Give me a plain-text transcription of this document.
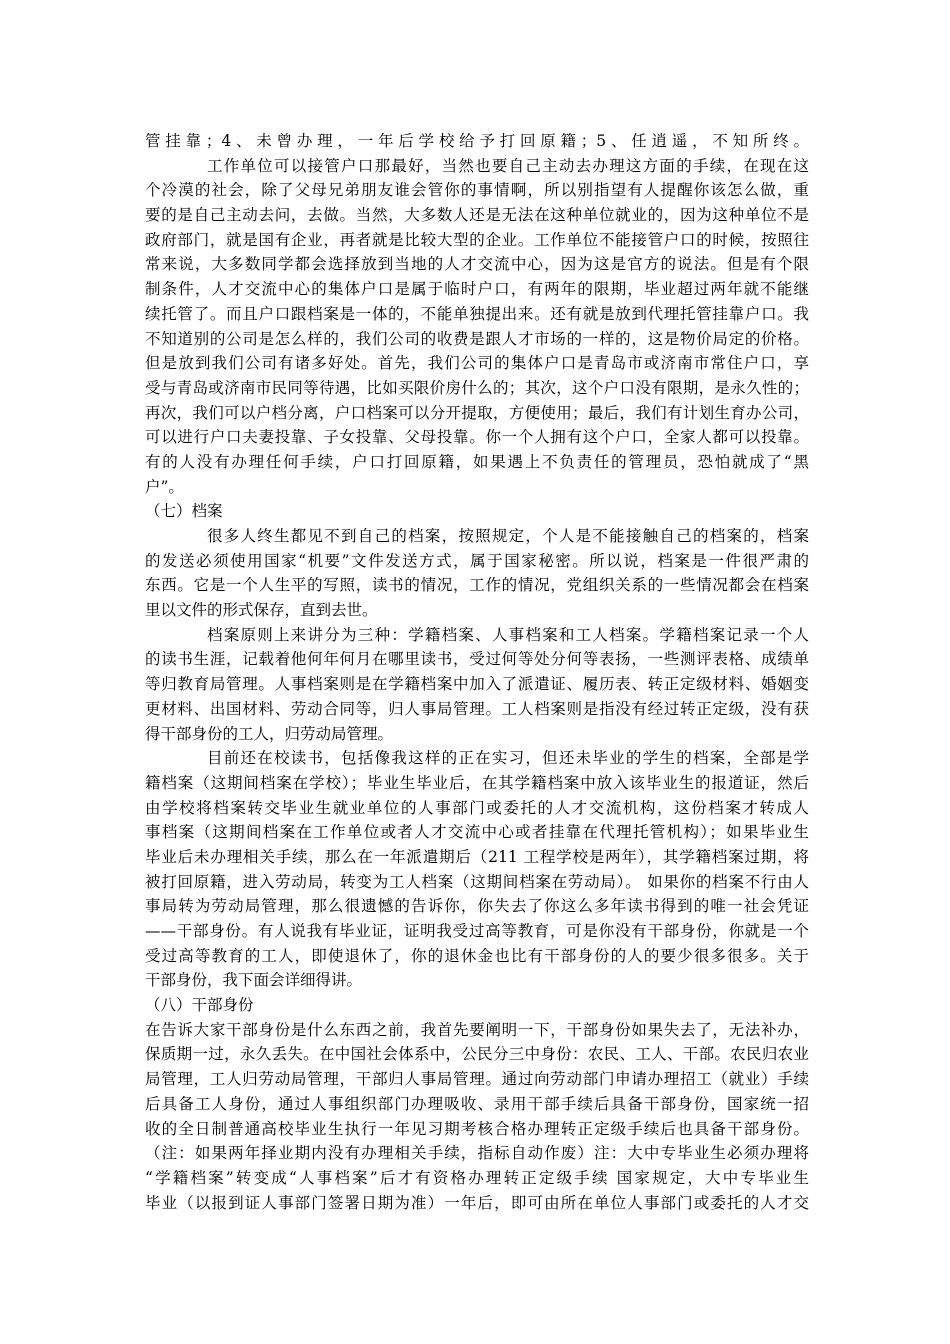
管挂靠；4、未曾办理，一年后学校给予打回原籍；5、任逍遥，不知所终。
工作单位可以接管户口那最好，当然也要自己主动去办理这方面的手续，在现在这
个冷漠的社会，除了父母兄弟朋友谁会管你的事情啊，所以别指望有人提醒你该怎么做，重
要的是自己主动去问，去做。当然，大多数人还是无法在这种单位就业的，因为这种单位不是
政府部门，就是国有企业，再者就是比较大型的企业。工作单位不能接管户口的时候，按照往
常来说，大多数同学都会选择放到当地的人才交流中心，因为这是官方的说法。但是有个限
制条件，人才交流中心的集体户口是属于临时户口，有两年的限期，毕业超过两年就不能继
续托管了。而且户口跟档案是一体的，不能单独提出来。还有就是放到代理托管挂靠户口。我
不知道别的公司是怎么样的，我们公司的收费是跟人才市场的一样的，这是物价局定的价格。
但是放到我们公司有诸多好处。首先，我们公司的集体户口是青岛市或济南市常住户口，享
受与青岛或济南市民同等待遇，比如买限价房什么的；其次，这个户口没有限期，是永久性的；
再次，我们可以户档分离，户口档案可以分开提取，方便使用；最后，我们有计划生育办公司，
可以进行户口夫妻投靠、子女投靠、父母投靠。你一个人拥有这个户口，全家人都可以投靠。
有的人没有办理任何手续，户口打回原籍，如果遇上不负责任的管理员，恐怕就成了“黑
户”。
（七）档案
很多人终生都见不到自己的档案，按照规定，个人是不能接触自己的档案的，档案
的发送必须使用国家“机要”文件发送方式，属于国家秘密。所以说，档案是一件很严肃的
东西。它是一个人生平的写照，读书的情况，工作的情况，党组织关系的一些情况都会在档案
里以文件的形式保存，直到去世。
档案原则上来讲分为三种：学籍档案、人事档案和工人档案。学籍档案记录一个人
的读书生涯，记载着他何年何月在哪里读书，受过何等处分何等表扬，一些测评表格、成绩单
等归教育局管理。人事档案则是在学籍档案中加入了派遣证、履历表、转正定级材料、婚姻变
更材料、出国材料、劳动合同等，归人事局管理。工人档案则是指没有经过转正定级，没有获
得干部身份的工人，归劳动局管理。
目前还在校读书，包括像我这样的正在实习，但还未毕业的学生的档案，全部是学
籍档案（这期间档案在学校）；毕业生毕业后，在其学籍档案中放入该毕业生的报道证，然后
由学校将档案转交毕业生就业单位的人事部门或委托的人才交流机构，这份档案才转成人
事档案（这期间档案在工作单位或者人才交流中心或者挂靠在代理托管机构）；如果毕业生
毕业后未办理相关手续，那么在一年派遣期后（211 工程学校是两年），其学籍档案过期，将
被打回原籍，进入劳动局，转变为工人档案（这期间档案在劳动局）。 如果你的档案不行由人
事局转为劳动局管理，那么很遗憾的告诉你，你失去了你这么多年读书得到的唯一社会凭证
——干部身份。有人说我有毕业证，证明我受过高等教育，可是你没有干部身份，你就是一个
受过高等教育的工人，即使退休了，你的退休金也比有干部身份的人的要少很多很多。关于
干部身份，我下面会详细得讲。
（八）干部身份
在告诉大家干部身份是什么东西之前，我首先要阐明一下，干部身份如果失去了，无法补办，
保质期一过，永久丢失。在中国社会体系中，公民分三中身份：农民、工人、干部。农民归农业
局管理，工人归劳动局管理，干部归人事局管理。通过向劳动部门申请办理招工（就业）手续
后具备工人身份，通过人事组织部门办理吸收、录用干部手续后具备干部身份，国家统一招
收的全日制普通高校毕业生执行一年见习期考核合格办理转正定级手续后也具备干部身份。
（注：如果两年择业期内没有办理相关手续，指标自动作废）注：大中专毕业生必须办理将
“学籍档案”转变成“人事档案”后才有资格办理转正定级手续 国家规定，大中专毕业生
毕业（以报到证人事部门签署日期为准）一年后，即可由所在单位人事部门或委托的人才交
